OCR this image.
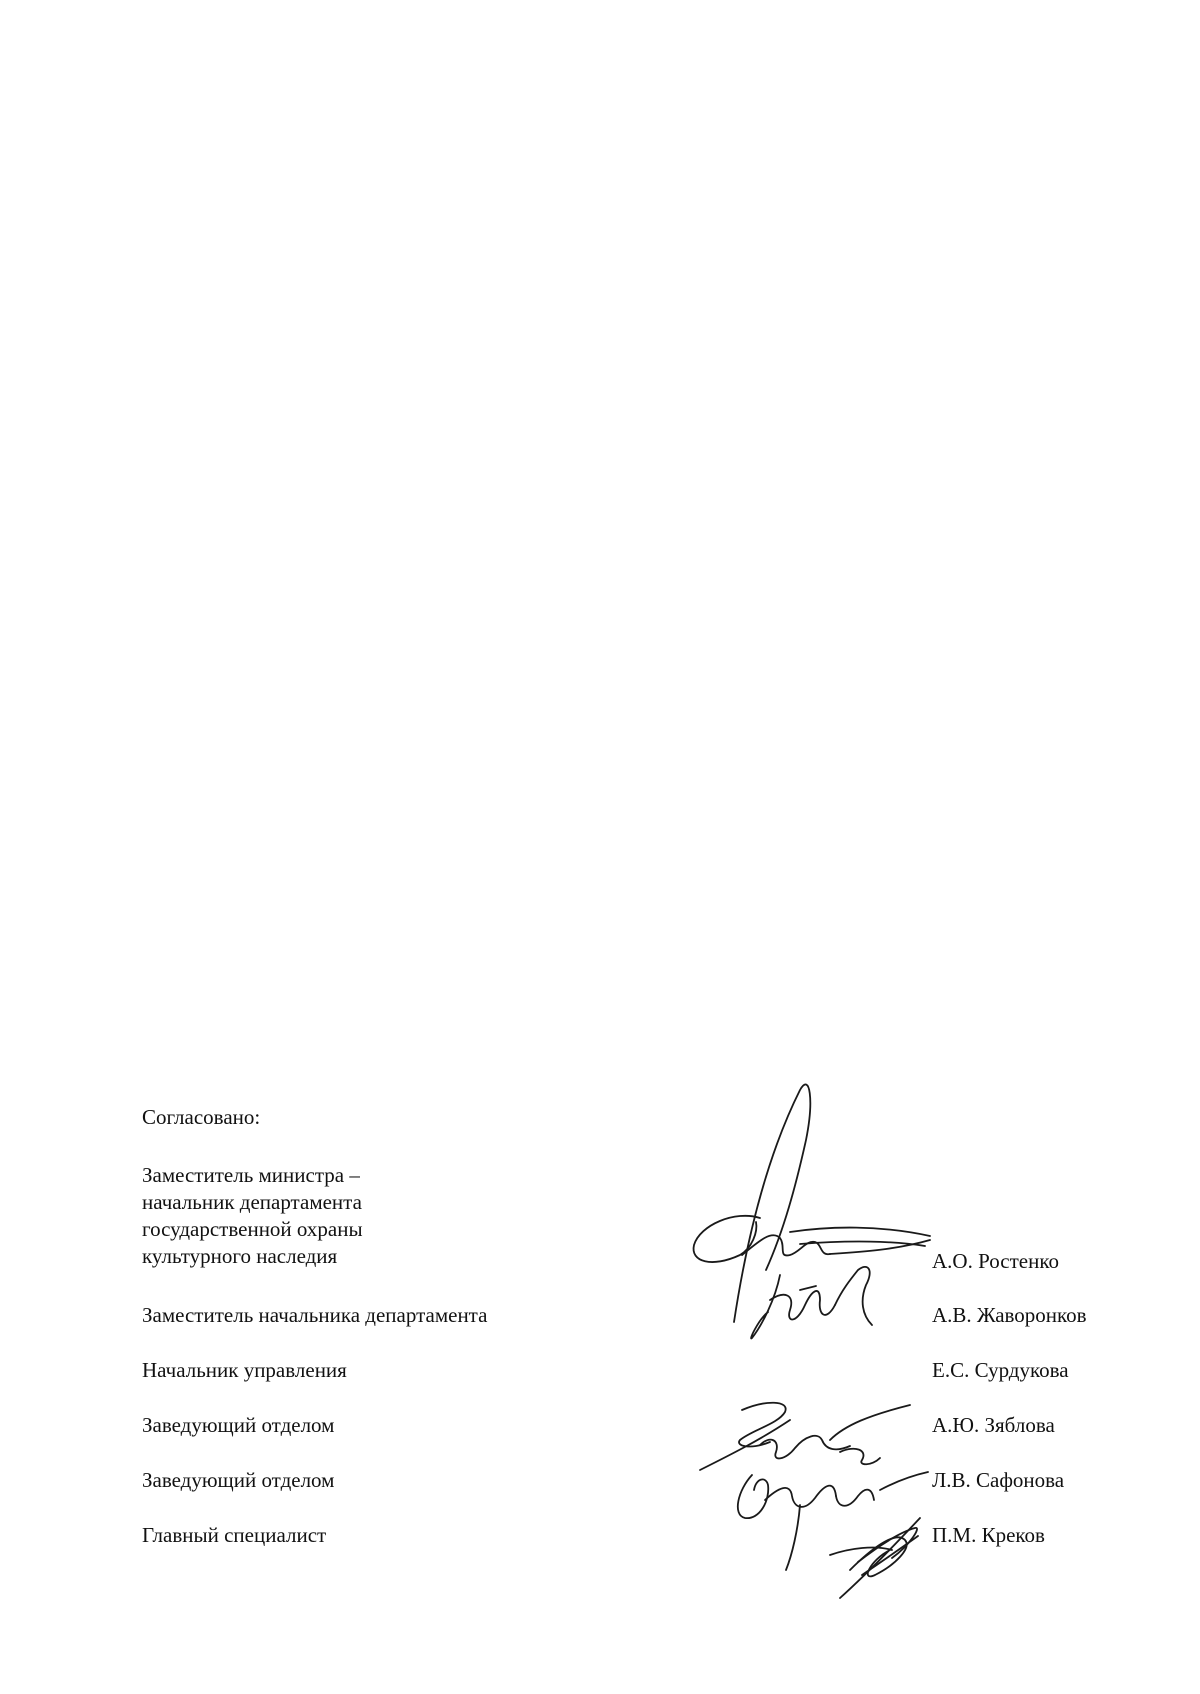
Согласовано:
Заместитель министра –
начальник департамента
государственной охраны
культурного наследия	А.О. Ростенко
Заместитель начальника департамента	А.В. Жаворонков
Начальник управления	Е.С. Сурдукова
Заведующий отделом	А.Ю. Зяблова
Заведующий отделом	Л.В. Сафонова
Главный специалист	П.М. Креков
